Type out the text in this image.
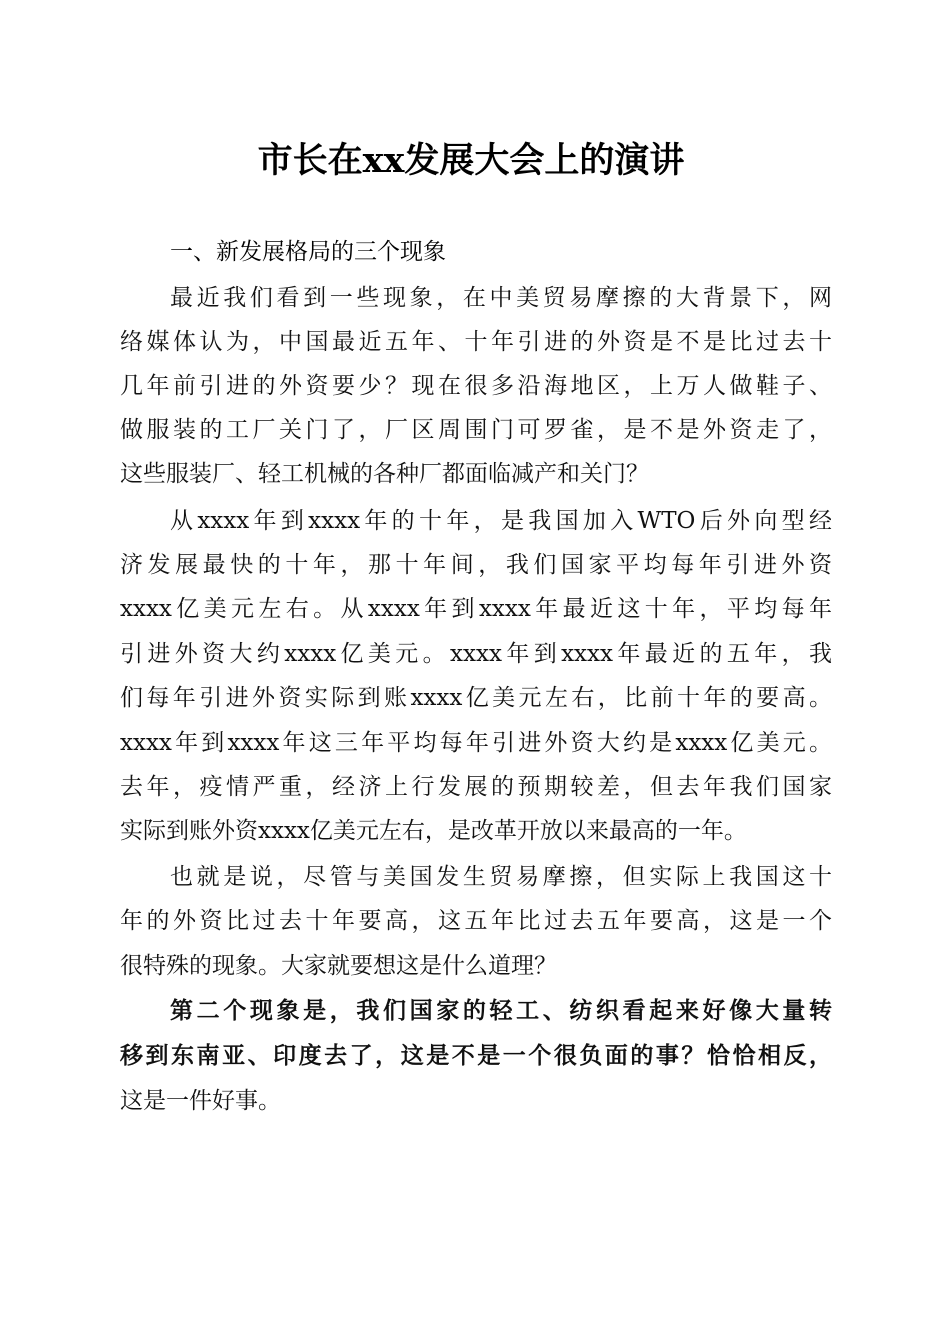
市长在xx发展大会上的演讲
一、新发展格局的三个现象
最近我们看到一些现象，在中美贸易摩擦的大背景下，网
络媒体认为，中国最近五年、十年引进的外资是不是比过去十
几年前引进的外资要少？现在很多沿海地区，上万人做鞋子、
做服装的工厂关门了，厂区周围门可罗雀，是不是外资走了，
这些服装厂、轻工机械的各种厂都面临减产和关门？
从xxxx年到xxxx年的十年，是我国加入WTO后外向型经
济发展最快的十年，那十年间，我们国家平均每年引进外资
xxxx亿美元左右。从xxxx年到xxxx年最近这十年，平均每年
引进外资大约xxxx亿美元。xxxx年到xxxx年最近的五年，我
们每年引进外资实际到账xxxx亿美元左右，比前十年的要高。
xxxx年到xxxx年这三年平均每年引进外资大约是xxxx亿美元。
去年，疫情严重，经济上行发展的预期较差，但去年我们国家
实际到账外资xxxx亿美元左右，是改革开放以来最高的一年。
也就是说，尽管与美国发生贸易摩擦，但实际上我国这十
年的外资比过去十年要高，这五年比过去五年要高，这是一个
很特殊的现象。大家就要想这是什么道理？
第二个现象是，我们国家的轻工、纺织看起来好像大量转
移到东南亚、印度去了，这是不是一个很负面的事？恰恰相反，
这是一件好事。
